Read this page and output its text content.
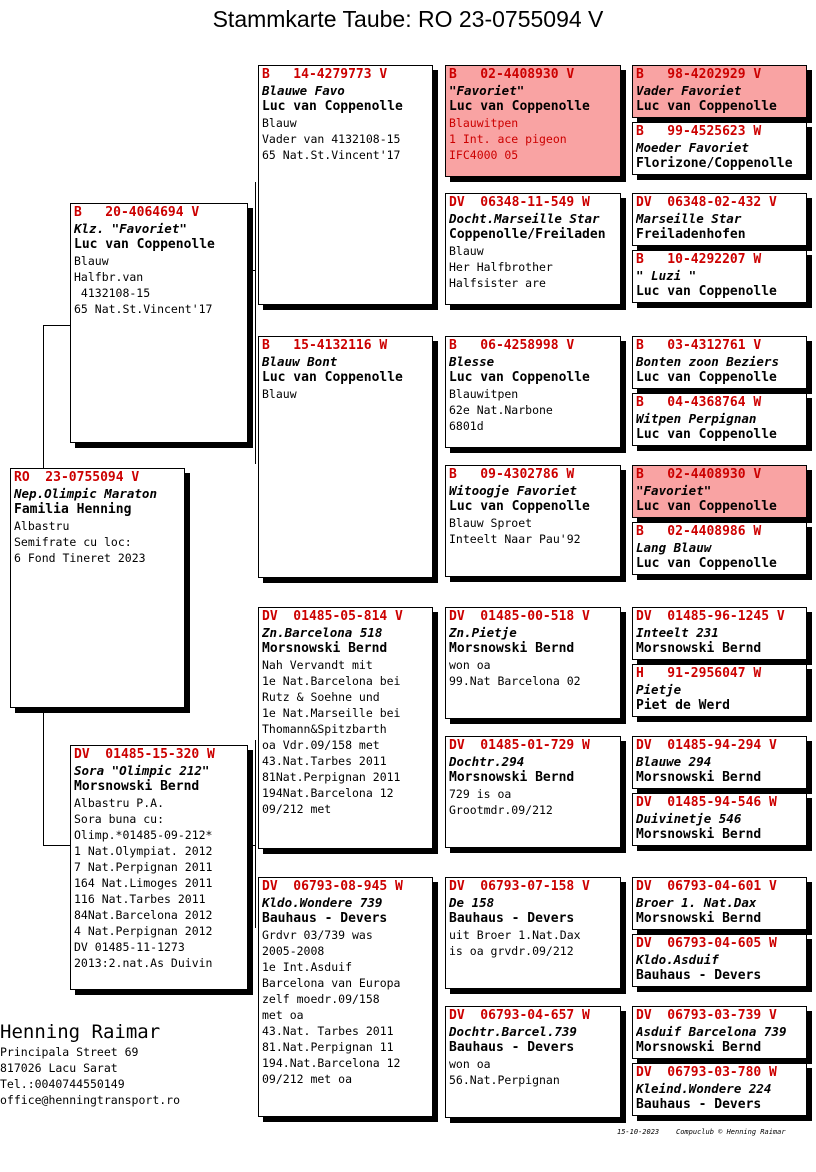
Stammkarte Taube: RO 23-0755094 V
RO  23-0755094 V
Nep.Olimpic Maraton
Familia Henning
Albastru
Semifrate cu loc:
6 Fond Tineret 2023
B   20-4064694 V
Klz. "Favoriet"
Luc van Coppenolle
Blauw
Halfbr.van
4132108-15
65 Nat.St.Vincent'17
DV  01485-15-320 W
Sora "Olimpic 212"
Morsnowski Bernd
Albastru P.A.
Sora buna cu:
Olimp.*01485-09-212*
1 Nat.Olympiat. 2012
7 Nat.Perpignan 2011
164 Nat.Limoges 2011
116 Nat.Tarbes 2011
84Nat.Barcelona 2012
4 Nat.Perpignan 2012
DV 01485-11-1273
2013:2.nat.As Duivin
B   14-4279773 V
Blauwe Favo
Luc van Coppenolle
Blauw
Vader van 4132108-15
65 Nat.St.Vincent'17
B   15-4132116 W
Blauw Bont
Luc van Coppenolle
Blauw
DV  01485-05-814 V
Zn.Barcelona 518
Morsnowski Bernd
Nah Vervandt mit
1e Nat.Barcelona bei
Rutz & Soehne und
1e Nat.Marseille bei
Thomann&Spitzbarth
oa Vdr.09/158 met
43.Nat.Tarbes 2011
81Nat.Perpignan 2011
194Nat.Barcelona 12
09/212 met
DV  06793-08-945 W
Kldo.Wondere 739
Bauhaus - Devers
Grdvr 03/739 was
2005-2008
1e Int.Asduif
Barcelona van Europa
zelf moedr.09/158
met oa
43.Nat. Tarbes 2011
81.Nat.Perpignan 11
194.Nat.Barcelona 12
09/212 met oa
B   02-4408930 V
"Favoriet"
Luc van Coppenolle
Blauwitpen
1 Int. ace pigeon
IFC4000 05
DV  06348-11-549 W
Docht.Marseille Star
Coppenolle/Freiladen
Blauw
Her Halfbrother
Halfsister are
B   06-4258998 V
Blesse
Luc van Coppenolle
Blauwitpen
62e Nat.Narbone
6801d
B   09-4302786 W
Witoogje Favoriet
Luc van Coppenolle
Blauw Sproet
Inteelt Naar Pau'92
DV  01485-00-518 V
Zn.Pietje
Morsnowski Bernd
won oa
99.Nat Barcelona 02
DV  01485-01-729 W
Dochtr.294
Morsnowski Bernd
729 is oa
Grootmdr.09/212
DV  06793-07-158 V
De 158
Bauhaus - Devers
uit Broer 1.Nat.Dax
is oa grvdr.09/212
DV  06793-04-657 W
Dochtr.Barcel.739
Bauhaus - Devers
won oa
56.Nat.Perpignan
B   98-4202929 V
Vader Favoriet
Luc van Coppenolle
B   99-4525623 W
Moeder Favoriet
Florizone/Coppenolle
DV  06348-02-432 V
Marseille Star
Freiladenhofen
B   10-4292207 W
" Luzi "
Luc van Coppenolle
B   03-4312761 V
Bonten zoon Beziers
Luc van Coppenolle
B   04-4368764 W
Witpen Perpignan
Luc van Coppenolle
B   02-4408930 V
"Favoriet"
Luc van Coppenolle
B   02-4408986 W
Lang Blauw
Luc van Coppenolle
DV  01485-96-1245 V
Inteelt 231
Morsnowski Bernd
H   91-2956047 W
Pietje
Piet de Werd
DV  01485-94-294 V
Blauwe 294
Morsnowski Bernd
DV  01485-94-546 W
Duivinetje 546
Morsnowski Bernd
DV  06793-04-601 V
Broer 1. Nat.Dax
Morsnowski Bernd
DV  06793-04-605 W
Kldo.Asduif
Bauhaus - Devers
DV  06793-03-739 V
Asduif Barcelona 739
Morsnowski Bernd
DV  06793-03-780 W
Kleind.Wondere 224
Bauhaus - Devers
Henning Raimar
Principala Street 69
817026 Lacu Sarat
Tel.:0040744550149
office@henningtransport.ro
15-10-2023    Compuclub © Henning Raimar
